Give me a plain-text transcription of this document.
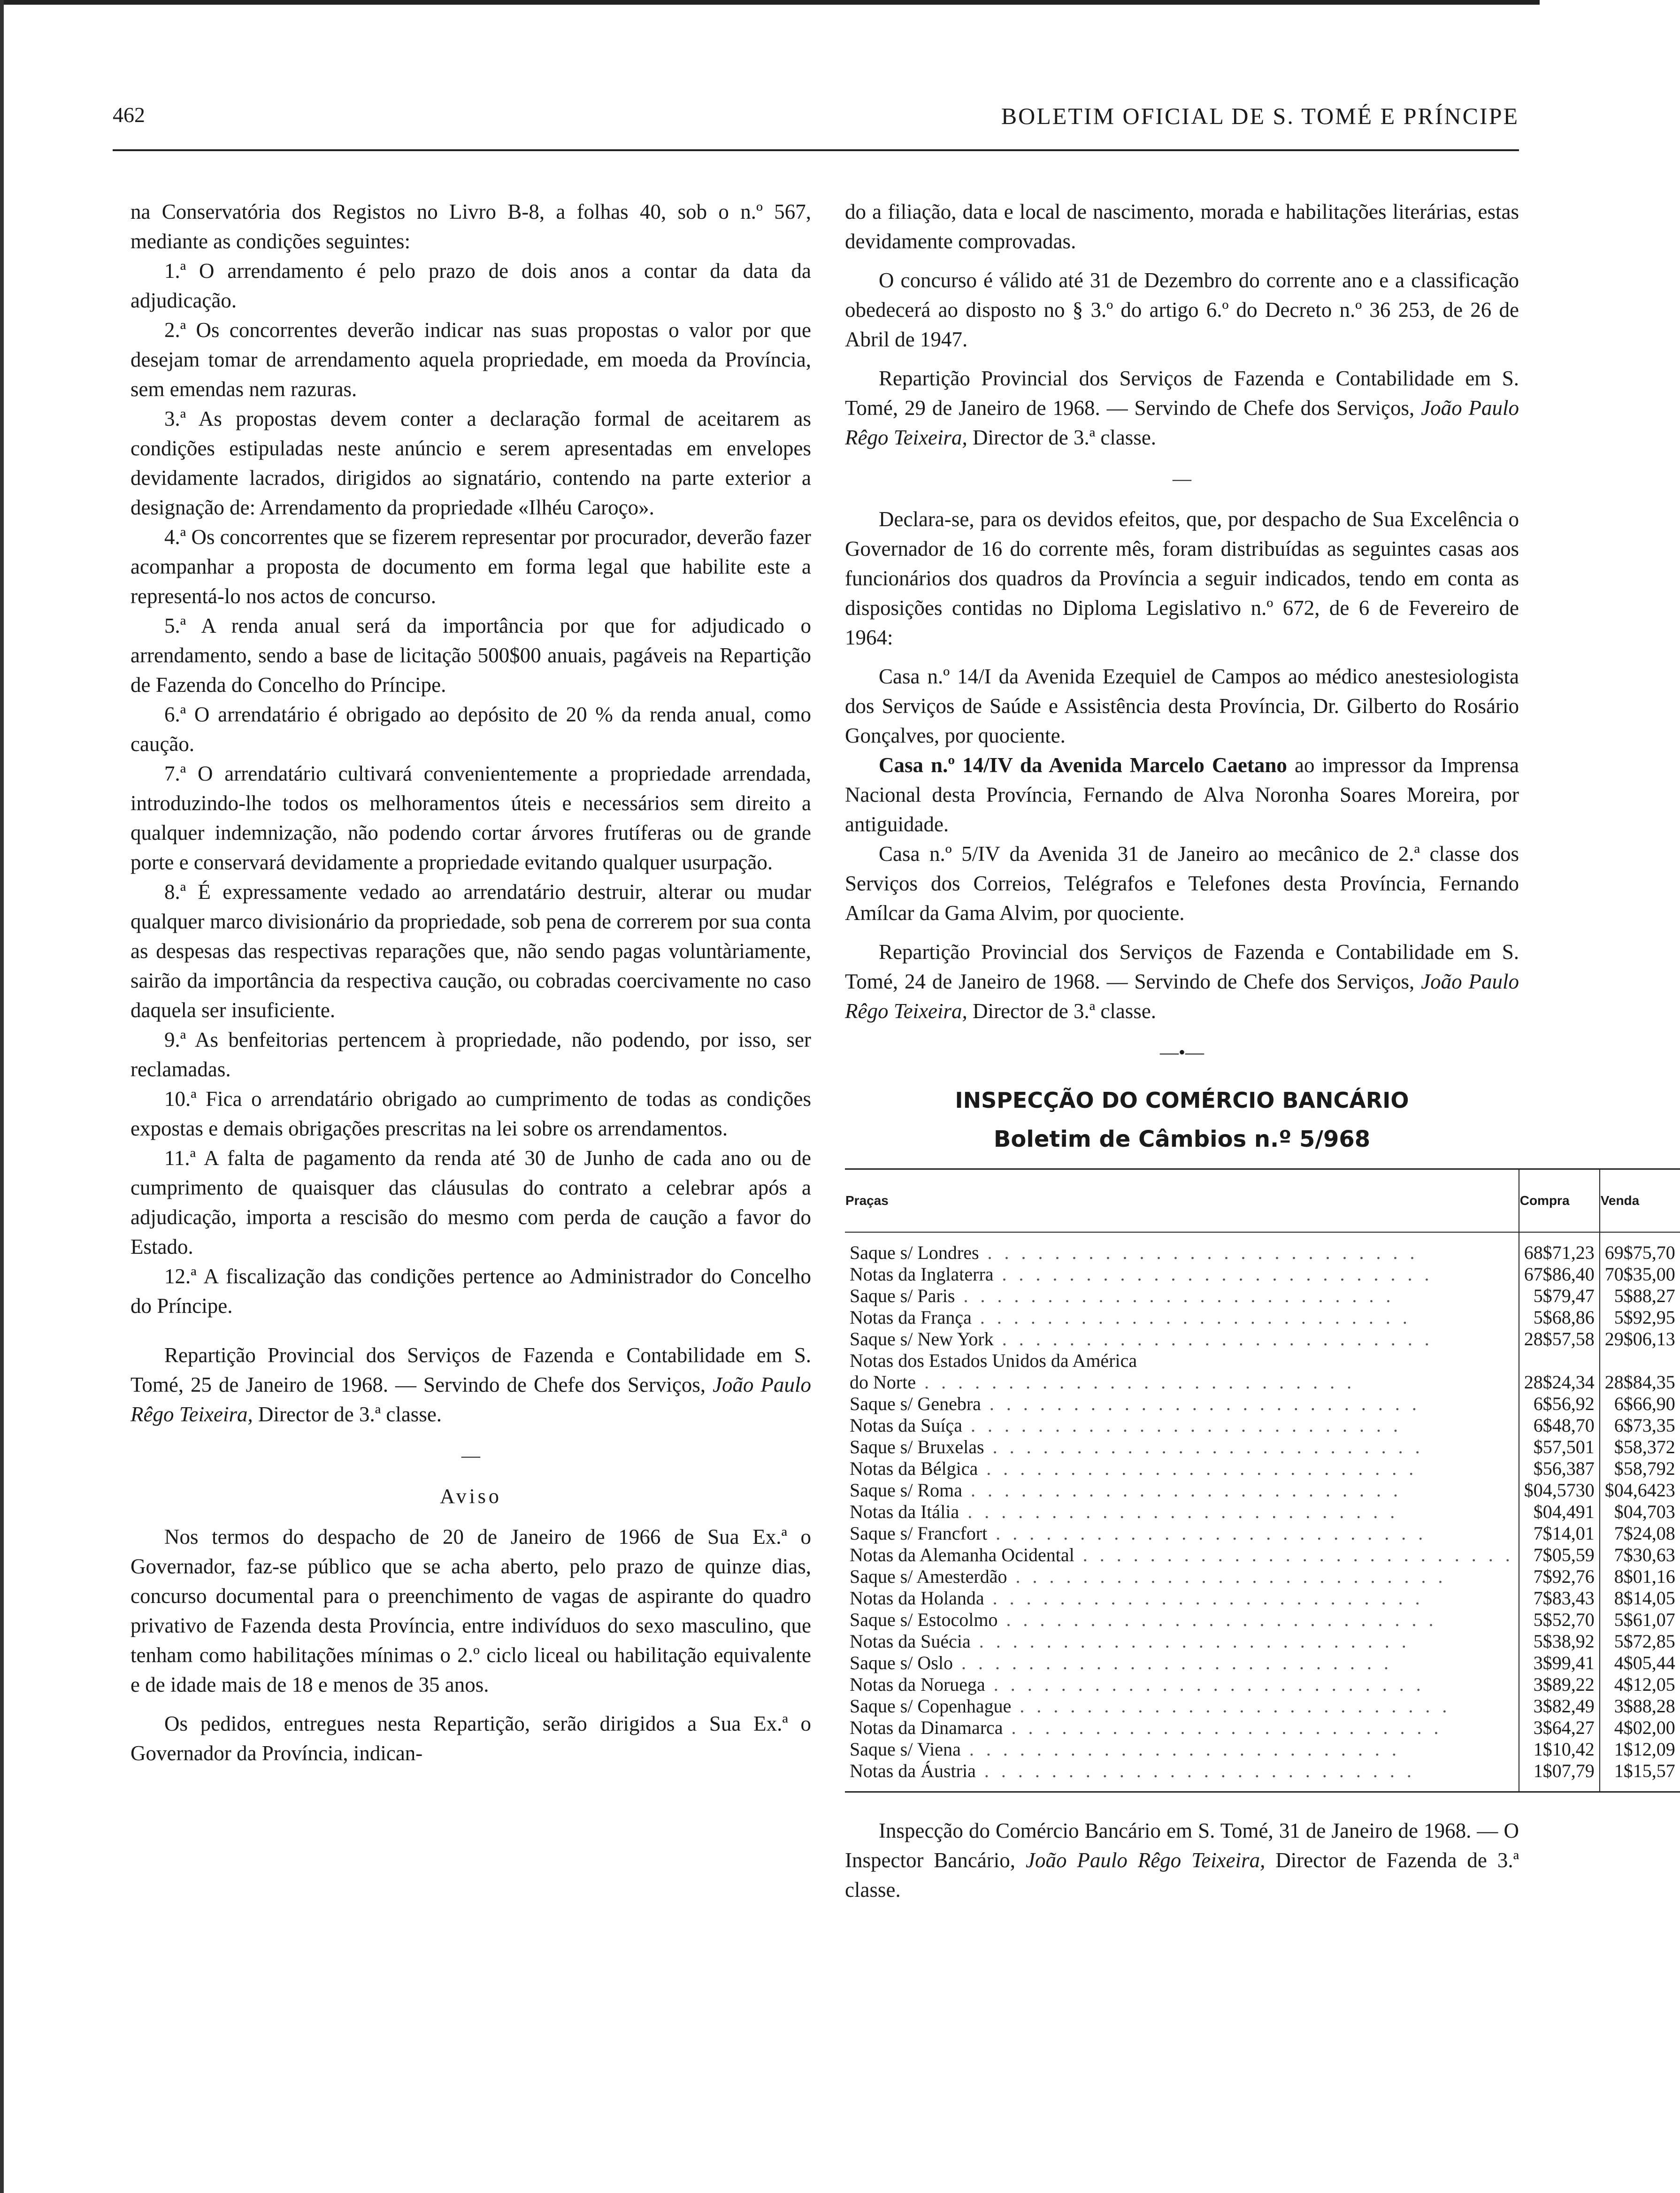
462	BOLETIM OFICIAL DE S. TOMÉ E PRÍNCIPE

na Conservatória dos Registos no Livro B-8, a folhas 40, sob o n.º 567, mediante as condições seguintes:

1.ª O arrendamento é pelo prazo de dois anos a contar da data da adjudicação.

2.ª Os concorrentes deverão indicar nas suas propostas o valor por que desejam tomar de arrendamento aquela propriedade, em moeda da Província, sem emendas nem razuras.

3.ª As propostas devem conter a declaração formal de aceitarem as condições estipuladas neste anúncio e serem apresentadas em envelopes devidamente lacrados, dirigidos ao signatário, contendo na parte exterior a designação de: Arrendamento da propriedade «Ilhéu Caroço».

4.ª Os concorrentes que se fizerem representar por procurador, deverão fazer acompanhar a proposta de documento em forma legal que habilite este a representá-lo nos actos de concurso.

5.ª A renda anual será da importância por que for adjudicado o arrendamento, sendo a base de licitação 500$00 anuais, pagáveis na Repartição de Fazenda do Concelho do Príncipe.

6.ª O arrendatário é obrigado ao depósito de 20 % da renda anual, como caução.

7.ª O arrendatário cultivará convenientemente a propriedade arrendada, introduzindo-lhe todos os melhoramentos úteis e necessários sem direito a qualquer indemnização, não podendo cortar árvores frutíferas ou de grande porte e conservará devidamente a propriedade evitando qualquer usurpação.

8.ª É expressamente vedado ao arrendatário destruir, alterar ou mudar qualquer marco divisionário da propriedade, sob pena de correrem por sua conta as despesas das respectivas reparações que, não sendo pagas voluntàriamente, sairão da importância da respectiva caução, ou cobradas coercivamente no caso daquela ser insuficiente.

9.ª As benfeitorias pertencem à propriedade, não podendo, por isso, ser reclamadas.

10.ª Fica o arrendatário obrigado ao cumprimento de todas as condições expostas e demais obrigações prescritas na lei sobre os arrendamentos.

11.ª A falta de pagamento da renda até 30 de Junho de cada ano ou de cumprimento de quaisquer das cláusulas do contrato a celebrar após a adjudicação, importa a rescisão do mesmo com perda de caução a favor do Estado.

12.ª A fiscalização das condições pertence ao Administrador do Concelho do Príncipe.

Repartição Provincial dos Serviços de Fazenda e Contabilidade em S. Tomé, 25 de Janeiro de 1968. — Servindo de Chefe dos Serviços, João Paulo Rêgo Teixeira, Director de 3.ª classe.

—
Aviso

Nos termos do despacho de 20 de Janeiro de 1966 de Sua Ex.ª o Governador, faz-se público que se acha aberto, pelo prazo de quinze dias, concurso documental para o preenchimento de vagas de aspirante do quadro privativo de Fazenda desta Província, entre indivíduos do sexo masculino, que tenham como habilitações mínimas o 2.º ciclo liceal ou habilitação equivalente e de idade mais de 18 e menos de 35 anos.

Os pedidos, entregues nesta Repartição, serão dirigidos a Sua Ex.ª o Governador da Província, indican-

do a filiação, data e local de nascimento, morada e habilitações literárias, estas devidamente comprovadas.

O concurso é válido até 31 de Dezembro do corrente ano e a classificação obedecerá ao disposto no § 3.º do artigo 6.º do Decreto n.º 36 253, de 26 de Abril de 1947.

Repartição Provincial dos Serviços de Fazenda e Contabilidade em S. Tomé, 29 de Janeiro de 1968. — Servindo de Chefe dos Serviços, João Paulo Rêgo Teixeira, Director de 3.ª classe.

—

Declara-se, para os devidos efeitos, que, por despacho de Sua Excelência o Governador de 16 do corrente mês, foram distribuídas as seguintes casas aos funcionários dos quadros da Província a seguir indicados, tendo em conta as disposições contidas no Diploma Legislativo n.º 672, de 6 de Fevereiro de 1964:

Casa n.º 14/I da Avenida Ezequiel de Campos ao médico anestesiologista dos Serviços de Saúde e Assistência desta Província, Dr. Gilberto do Rosário Gonçalves, por quociente.

Casa n.º 14/IV da Avenida Marcelo Caetano ao impressor da Imprensa Nacional desta Província, Fernando de Alva Noronha Soares Moreira, por antiguidade.

Casa n.º 5/IV da Avenida 31 de Janeiro ao mecânico de 2.ª classe dos Serviços dos Correios, Telégrafos e Telefones desta Província, Fernando Amílcar da Gama Alvim, por quociente.

Repartição Provincial dos Serviços de Fazenda e Contabilidade em S. Tomé, 24 de Janeiro de 1968. — Servindo de Chefe dos Serviços, João Paulo Rêgo Teixeira, Director de 3.ª classe.

—•—
INSPECÇÃO DO COMÉRCIO BANCÁRIO
Boletim de Câmbios n.º 5/968
Praças	Compra	Venda
Saque s/ Londres . . . . . . . . . . . . . . . . . . . . . . . . . .	68$71,23	69$75,70
Notas da Inglaterra . . . . . . . . . . . . . . . . . . . . . . . . . .	67$86,40	70$35,00
Saque s/ Paris . . . . . . . . . . . . . . . . . . . . . . . . . .	5$79,47	5$88,27
Notas da França . . . . . . . . . . . . . . . . . . . . . . . . . .	5$68,86	5$92,95
Saque s/ New York . . . . . . . . . . . . . . . . . . . . . . . . . .	28$57,58	29$06,13
Notas dos Estados Unidos da América		
do Norte . . . . . . . . . . . . . . . . . . . . . . . . . .	28$24,34	28$84,35
Saque s/ Genebra . . . . . . . . . . . . . . . . . . . . . . . . . .	6$56,92	6$66,90
Notas da Suíça . . . . . . . . . . . . . . . . . . . . . . . . . .	6$48,70	6$73,35
Saque s/ Bruxelas . . . . . . . . . . . . . . . . . . . . . . . . . .	$57,501	$58,372
Notas da Bélgica . . . . . . . . . . . . . . . . . . . . . . . . . .	$56,387	$58,792
Saque s/ Roma . . . . . . . . . . . . . . . . . . . . . . . . . .	$04,5730	$04,6423
Notas da Itália . . . . . . . . . . . . . . . . . . . . . . . . . .	$04,491	$04,703
Saque s/ Francfort . . . . . . . . . . . . . . . . . . . . . . . . . .	7$14,01	7$24,08
Notas da Alemanha Ocidental . . . . . . . . . . . . . . . . . . . . . . . . . .	7$05,59	7$30,63
Saque s/ Amesterdão . . . . . . . . . . . . . . . . . . . . . . . . . .	7$92,76	8$01,16
Notas da Holanda . . . . . . . . . . . . . . . . . . . . . . . . . .	7$83,43	8$14,05
Saque s/ Estocolmo . . . . . . . . . . . . . . . . . . . . . . . . . .	5$52,70	5$61,07
Notas da Suécia . . . . . . . . . . . . . . . . . . . . . . . . . .	5$38,92	5$72,85
Saque s/ Oslo . . . . . . . . . . . . . . . . . . . . . . . . . .	3$99,41	4$05,44
Notas da Noruega . . . . . . . . . . . . . . . . . . . . . . . . . .	3$89,22	4$12,05
Saque s/ Copenhague . . . . . . . . . . . . . . . . . . . . . . . . . .	3$82,49	3$88,28
Notas da Dinamarca . . . . . . . . . . . . . . . . . . . . . . . . . .	3$64,27	4$02,00
Saque s/ Viena . . . . . . . . . . . . . . . . . . . . . . . . . .	1$10,42	1$12,09
Notas da Áustria . . . . . . . . . . . . . . . . . . . . . . . . . .	1$07,79	1$15,57

Inspecção do Comércio Bancário em S. Tomé, 31 de Janeiro de 1968. — O Inspector Bancário, João Paulo Rêgo Teixeira, Director de Fazenda de 3.ª classe.
